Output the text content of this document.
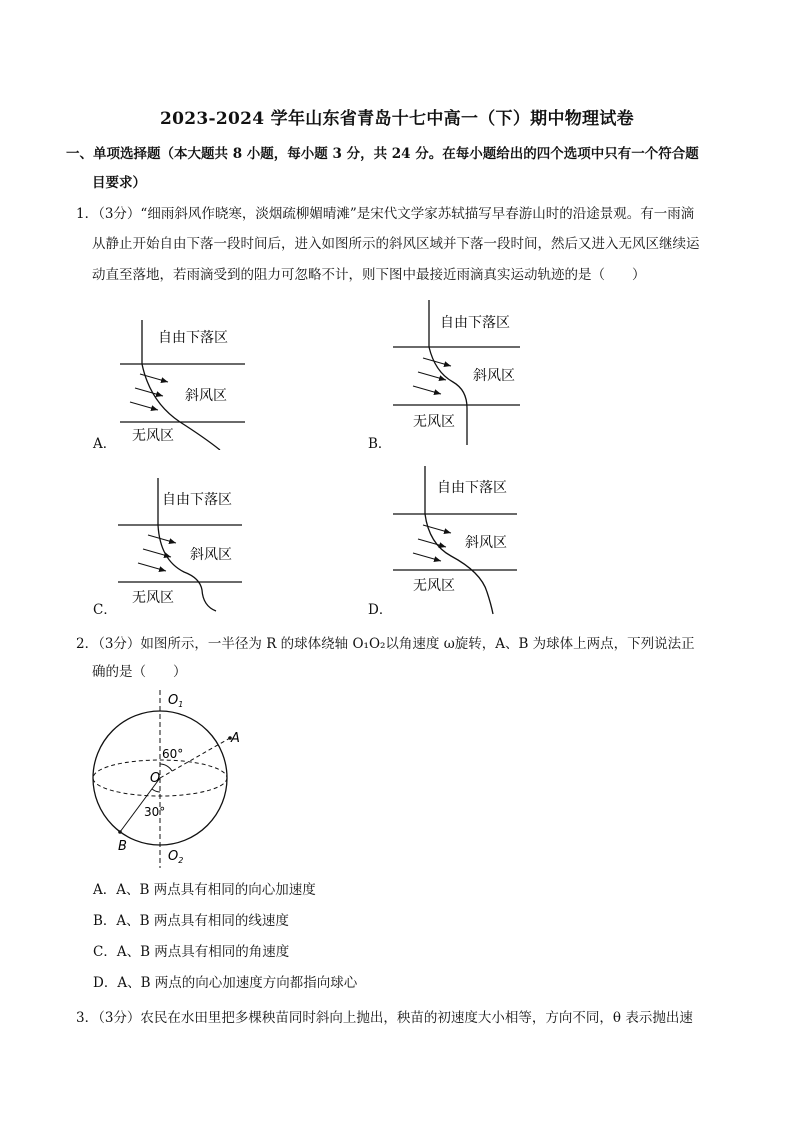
2023-2024 学年山东省青岛十七中高一（下）期中物理试卷
一、单项选择题（本大题共 8 小题，每小题 3 分，共 24 分。在每小题给出的四个选项中只有一个符合题
目要求）
1．（3分）“细雨斜风作晓寒，淡烟疏柳媚晴滩”是宋代文学家苏轼描写早春游山时的沿途景观。有一雨滴
从静止开始自由下落一段时间后，进入如图所示的斜风区域并下落一段时间，然后又进入无风区继续运
动直至落地，若雨滴受到的阻力可忽略不计，则下图中最接近雨滴真实运动轨迹的是（　　）
自由下落区
斜风区
无风区
A．
自由下落区
斜风区
无风区
B．
自由下落区
斜风区
无风区
C．
自由下落区
斜风区
无风区
D．
2．（3分）如图所示，一半径为 R 的球体绕轴 O₁O₂以角速度 ω旋转，A、B 为球体上两点，下列说法正
确的是（　　）
$O_1$
A
60°
O
30°
B
$O_2$
A．A、B 两点具有相同的向心加速度
B．A、B 两点具有相同的线速度
C．A、B 两点具有相同的角速度
D．A、B 两点的向心加速度方向都指向球心
3．（3分）农民在水田里把多棵秧苗同时斜向上抛出，秧苗的初速度大小相等，方向不同，θ 表示抛出速
